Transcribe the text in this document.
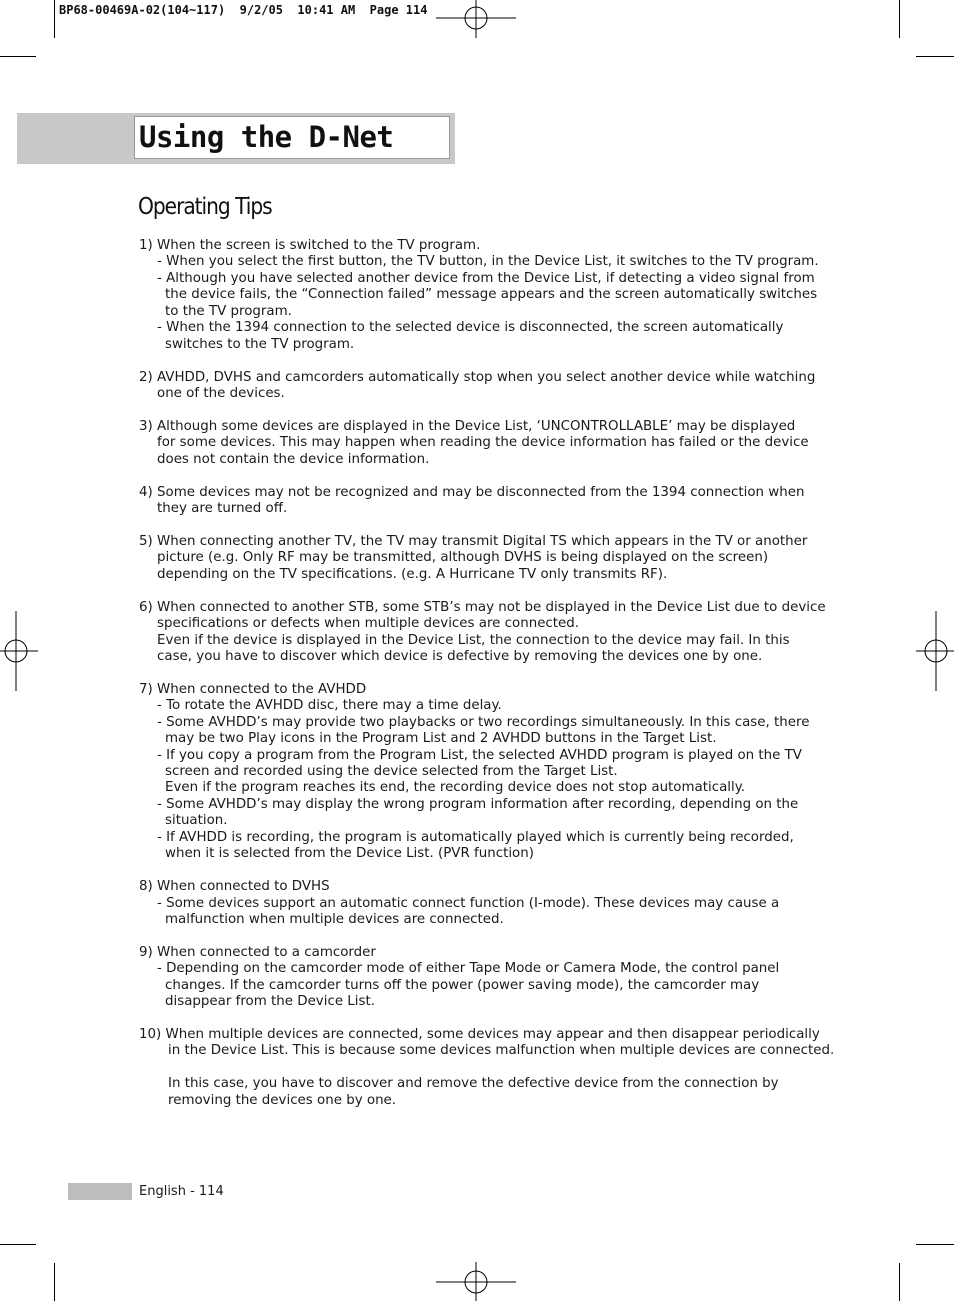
BP68-00469A-02(104~117)  9/2/05  10:41 AM  Page 114
Using the D-Net
Operating Tips
1) When the screen is switched to the TV program.
- When you select the first button, the TV button, in the Device List, it switches to the TV program.
- Although you have selected another device from the Device List, if detecting a video signal from
the device fails, the “Connection failed” message appears and the screen automatically switches
to the TV program.
- When the 1394 connection to the selected device is disconnected, the screen automatically
switches to the TV program.
2) AVHDD, DVHS and camcorders automatically stop when you select another device while watching
one of the devices.
3) Although some devices are displayed in the Device List, ‘UNCONTROLLABLE’ may be displayed
for some devices. This may happen when reading the device information has failed or the device
does not contain the device information.
4) Some devices may not be recognized and may be disconnected from the 1394 connection when
they are turned off.
5) When connecting another TV, the TV may transmit Digital TS which appears in the TV or another
picture (e.g. Only RF may be transmitted, although DVHS is being displayed on the screen)
depending on the TV specifications. (e.g. A Hurricane TV only transmits RF).
6) When connected to another STB, some STB’s may not be displayed in the Device List due to device
specifications or defects when multiple devices are connected.
Even if the device is displayed in the Device List, the connection to the device may fail. In this
case, you have to discover which device is defective by removing the devices one by one.
7) When connected to the AVHDD
- To rotate the AVHDD disc, there may a time delay.
- Some AVHDD’s may provide two playbacks or two recordings simultaneously. In this case, there
may be two Play icons in the Program List and 2 AVHDD buttons in the Target List.
- If you copy a program from the Program List, the selected AVHDD program is played on the TV
screen and recorded using the device selected from the Target List.
Even if the program reaches its end, the recording device does not stop automatically.
- Some AVHDD’s may display the wrong program information after recording, depending on the
situation.
- If AVHDD is recording, the program is automatically played which is currently being recorded,
when it is selected from the Device List. (PVR function)
8) When connected to DVHS
- Some devices support an automatic connect function (I-mode). These devices may cause a
malfunction when multiple devices are connected.
9) When connected to a camcorder
- Depending on the camcorder mode of either Tape Mode or Camera Mode, the control panel
changes. If the camcorder turns off the power (power saving mode), the camcorder may
disappear from the Device List.
10) When multiple devices are connected, some devices may appear and then disappear periodically
in the Device List. This is because some devices malfunction when multiple devices are connected.
In this case, you have to discover and remove the defective device from the connection by
removing the devices one by one.
English - 114
